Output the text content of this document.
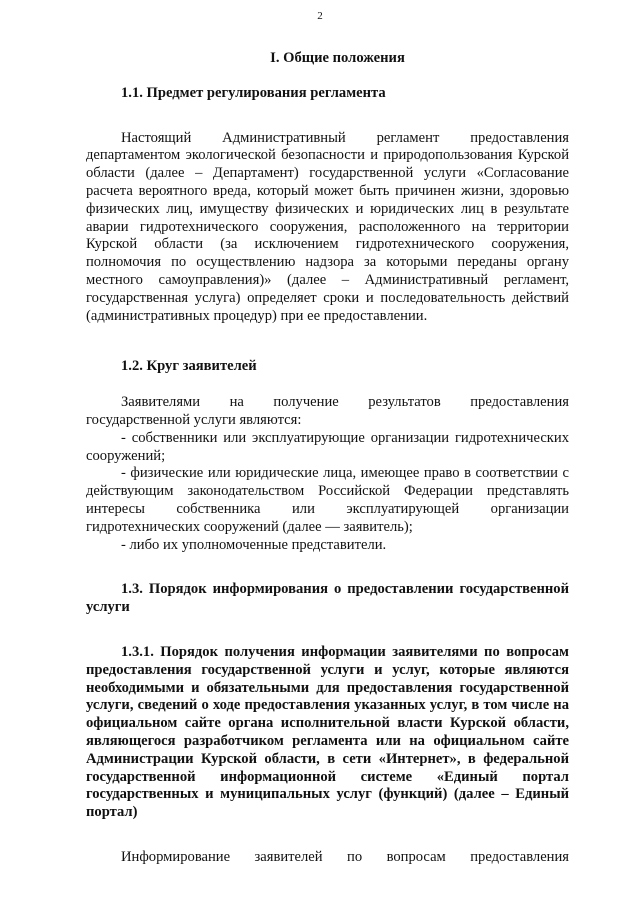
2
I. Общие положения
1.1. Предмет регулирования регламента

Настоящий Административный регламент предоставления департаментом экологической безопасности и природопользования Курской области (далее – Департамент) государственной услуги «Согласование расчета вероятного вреда, который может быть причинен жизни, здоровью физических лиц, имуществу физических и юридических лиц в результате аварии гидротехнического сооружения, расположенного на территории Курской области (за исключением гидротехнического сооружения, полномочия по осуществлению надзора за которыми переданы органу местного самоуправления)» (далее – Административный регламент, государственная услуга) определяет сроки и последовательность действий (административных процедур) при ее предоставлении.

1.2. Круг заявителей

Заявителями на получение результатов предоставления государственной услуги являются:

- собственники или эксплуатирующие организации гидротехнических сооружений;

- физические или юридические лица, имеющее право в соответствии с действующим законодательством Российской Федерации представлять интересы собственника или эксплуатирующей организации гидротехнических сооружений (далее — заявитель);

- либо их уполномоченные представители.

1.3. Порядок информирования о предоставлении государственной услуги

1.3.1. Порядок получения информации заявителями по вопросам предоставления государственной услуги и услуг, которые являются необходимыми и обязательными для предоставления государственной услуги, сведений о ходе предоставления указанных услуг, в том числе на официальном сайте органа исполнительной власти Курской области, являющегося разработчиком регламента или на официальном сайте Администрации Курской области, в сети «Интернет», в федеральной государственной информационной системе «Единый портал государственных и муниципальных услуг (функций) (далее – Единый портал)

Информирование заявителей по вопросам предоставления
